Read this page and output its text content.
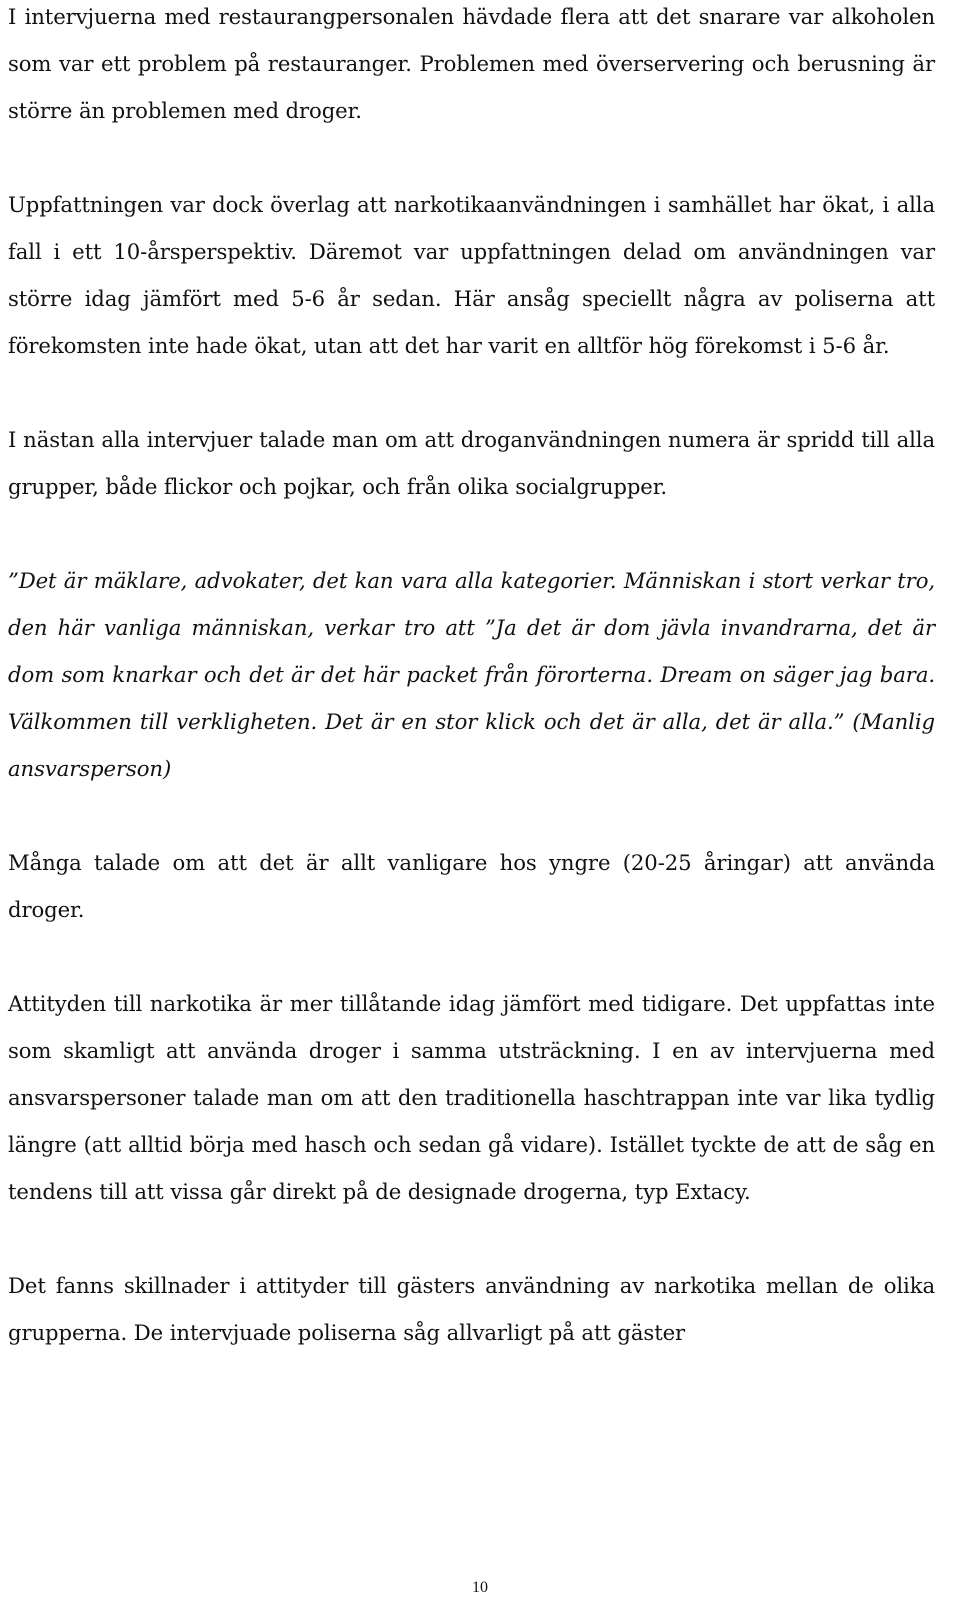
I intervjuerna med restaurangpersonalen hävdade flera att det snarare var alkoholen som var ett problem på restauranger. Problemen med överservering och berusning är större än problemen med droger.

Uppfattningen var dock överlag att narkotikaanvändningen i samhället har ökat, i alla fall i ett 10-årsperspektiv. Däremot var uppfattningen delad om användningen var större idag jämfört med 5-6 år sedan. Här ansåg speciellt några av poliserna att förekomsten inte hade ökat, utan att det har varit en alltför hög förekomst i 5-6 år.

I nästan alla intervjuer talade man om att droganvändningen numera är spridd till alla grupper, både flickor och pojkar, och från olika socialgrupper.

”Det är mäklare, advokater, det kan vara alla kategorier. Människan i stort verkar tro, den här vanliga människan, verkar tro att ”Ja det är dom jävla invandrarna, det är dom som knarkar och det är det här packet från förorterna. Dream on säger jag bara. Välkommen till verkligheten. Det är en stor klick och det är alla, det är alla.” (Manlig ansvarsperson)

Många talade om att det är allt vanligare hos yngre (20-25 åringar) att använda droger.

Attityden till narkotika är mer tillåtande idag jämfört med tidigare. Det uppfattas inte som skamligt att använda droger i samma utsträckning. I en av intervjuerna med ansvarspersoner talade man om att den traditionella haschtrappan inte var lika tydlig längre (att alltid börja med hasch och sedan gå vidare). Istället tyckte de att de såg en tendens till att vissa går direkt på de designade drogerna, typ Extacy.

Det fanns skillnader i attityder till gästers användning av narkotika mellan de olika grupperna. De intervjuade poliserna såg allvarligt på att gäster

10
